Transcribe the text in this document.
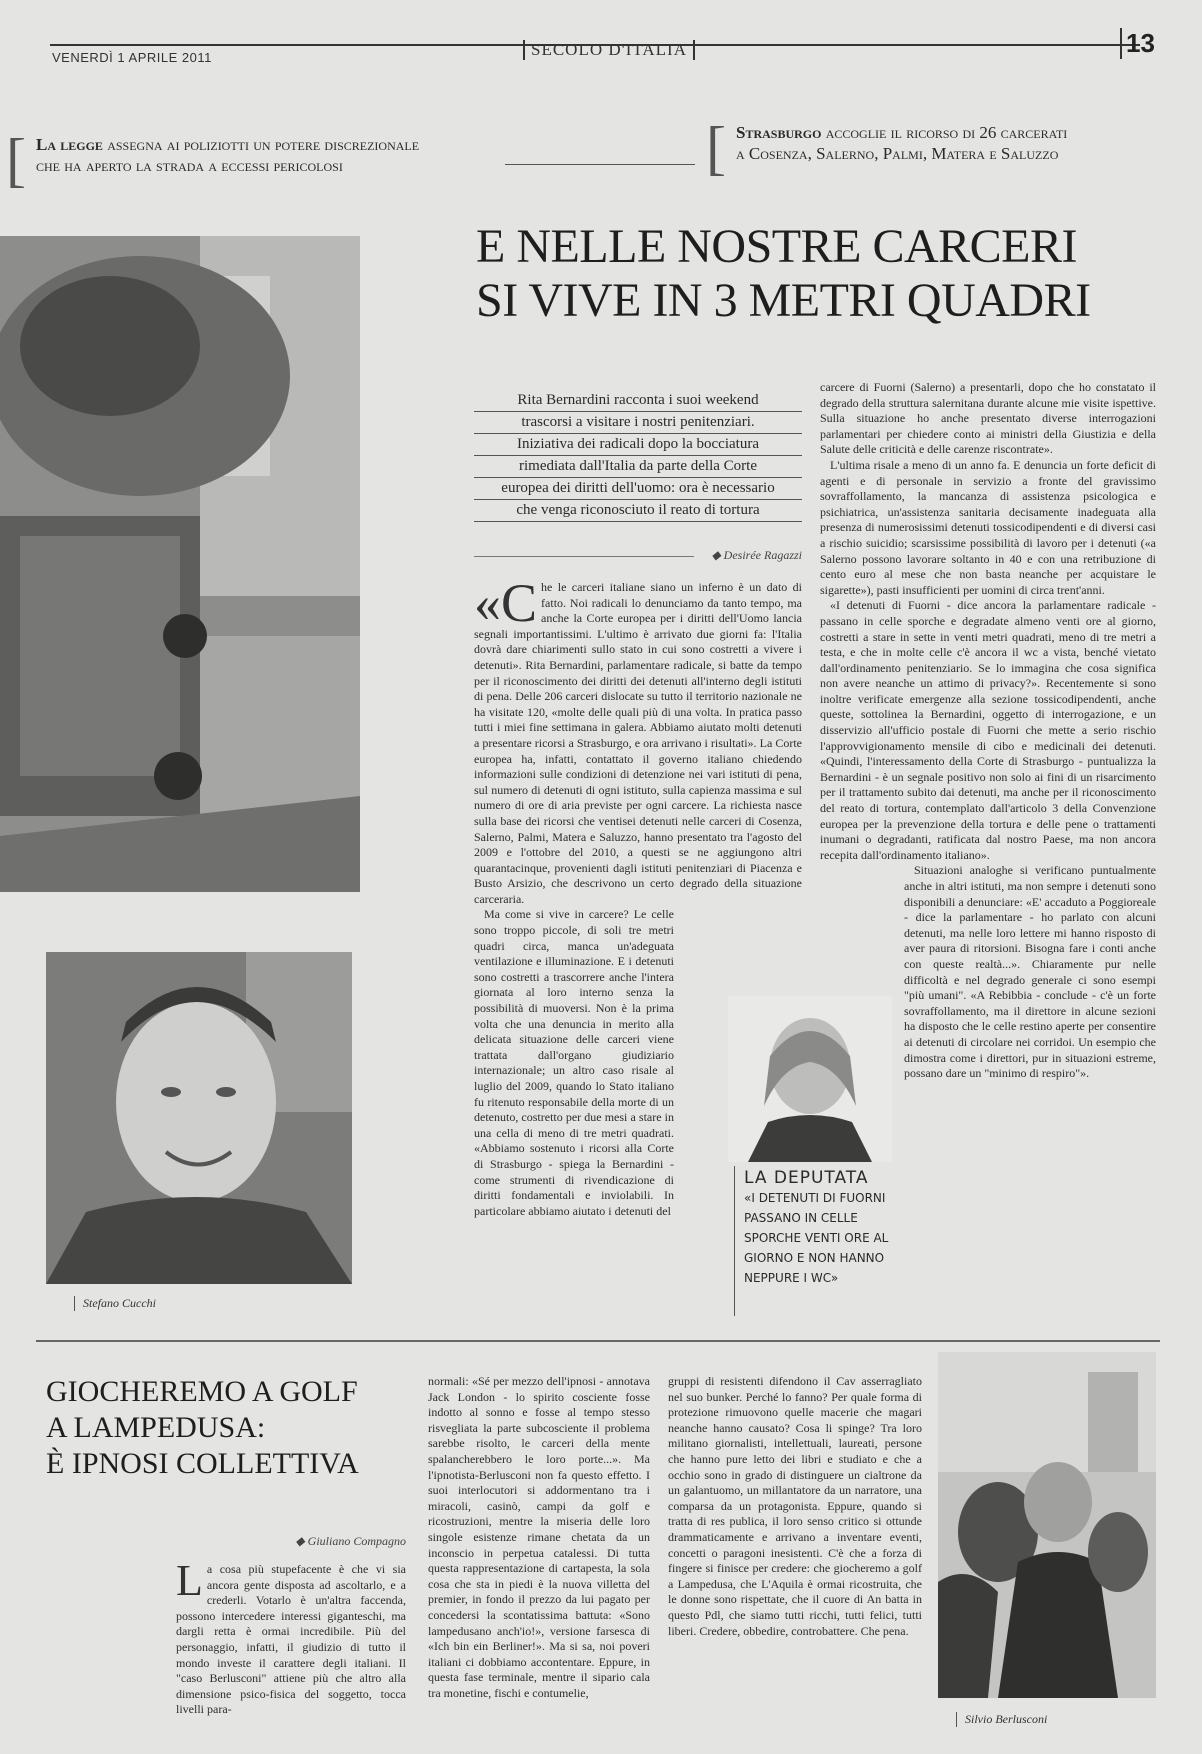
VENERDÌ 1 APRILE 2011	SECOLO D'ITALIA	13
[ La legge assegna ai poliziotti un potere discrezionale
che ha aperto la strada a eccessi pericolosi	[ Strasburgo accoglie il ricorso di 26 carcerati
a Cosenza, Salerno, Palmi, Matera e Saluzzo
Stefano Cucchi
E NELLE NOSTRE CARCERI
SI VIVE IN 3 METRI QUADRI
Rita Bernardini racconta i suoi weekend
trascorsi a visitare i nostri penitenziari.
Iniziativa dei radicali dopo la bocciatura
rimediata dall'Italia da parte della Corte
europea dei diritti dell'uomo: ora è necessario
che venga riconosciuto il reato di tortura
◆ Desirée Ragazzi

«Che le carceri italiane siano un inferno è un dato di fatto. Noi radicali lo denunciamo da tanto tempo, ma anche la Corte europea per i diritti dell'Uomo lancia segnali importantissimi. L'ultimo è arrivato due giorni fa: l'Italia dovrà dare chiarimenti sullo stato in cui sono costretti a vivere i detenuti». Rita Bernardini, parlamentare radicale, si batte da tempo per il riconoscimento dei diritti dei detenuti all'interno degli istituti di pena. Delle 206 carceri dislocate su tutto il territorio nazionale ne ha visitate 120, «molte delle quali più di una volta. In pratica passo tutti i miei fine settimana in galera. Abbiamo aiutato molti detenuti a presentare ricorsi a Strasburgo, e ora arrivano i risultati». La Corte europea ha, infatti, contattato il governo italiano chiedendo informazioni sulle condizioni di detenzione nei vari istituti di pena, sul numero di detenuti di ogni istituto, sulla capienza massima e sul numero di ore di aria previste per ogni carcere. La richiesta nasce sulla base dei ricorsi che ventisei detenuti nelle carceri di Cosenza, Salerno, Palmi, Matera e Saluzzo, hanno presentato tra l'agosto del 2009 e l'ottobre del 2010, a questi se ne aggiungono altri quarantacinque, provenienti dagli istituti penitenziari di Piacenza e Busto Arsizio, che descrivono un certo degrado della situazione carceraria.

Ma come si vive in carcere? Le celle sono troppo piccole, di soli tre metri quadri circa, manca un'adeguata ventilazione e illuminazione. E i detenuti sono costretti a trascorrere anche l'intera giornata al loro interno senza la possibilità di muoversi. Non è la prima volta che una denuncia in merito alla delicata situazione delle carceri viene trattata dall'organo giudiziario internazionale; un altro caso risale al luglio del 2009, quando lo Stato italiano fu ritenuto responsabile della morte di un detenuto, costretto per due mesi a stare in una cella di meno di tre metri quadrati. «Abbiamo sostenuto i ricorsi alla Corte di Strasburgo - spiega la Bernardini - come strumenti di rivendicazione di diritti fondamentali e inviolabili. In particolare abbiamo aiutato i detenuti del

LA DEPUTATA
«I DETENUTI DI FUORNI PASSANO IN CELLE SPORCHE VENTI ORE AL GIORNO E NON HANNO NEPPURE I WC»

carcere di Fuorni (Salerno) a presentarli, dopo che ho constatato il degrado della struttura salernitana durante alcune mie visite ispettive. Sulla situazione ho anche presentato diverse interrogazioni parlamentari per chiedere conto ai ministri della Giustizia e della Salute delle criticità e delle carenze riscontrate».

L'ultima risale a meno di un anno fa. E denuncia un forte deficit di agenti e di personale in servizio a fronte del gravissimo sovraffollamento, la mancanza di assistenza psicologica e psichiatrica, un'assistenza sanitaria decisamente inadeguata alla presenza di numerosissimi detenuti tossicodipendenti e di diversi casi a rischio suicidio; scarsissime possibilità di lavoro per i detenuti («a Salerno possono lavorare soltanto in 40 e con una retribuzione di cento euro al mese che non basta neanche per acquistare le sigarette»), pasti insufficienti per uomini di circa trent'anni.

«I detenuti di Fuorni - dice ancora la parlamentare radicale - passano in celle sporche e degradate almeno venti ore al giorno, costretti a stare in sette in venti metri quadrati, meno di tre metri a testa, e che in molte celle c'è ancora il wc a vista, benché vietato dall'ordinamento penitenziario. Se lo immagina che cosa significa non avere neanche un attimo di privacy?». Recentemente si sono inoltre verificate emergenze alla sezione tossicodipendenti, anche queste, sottolinea la Bernardini, oggetto di interrogazione, e un disservizio all'ufficio postale di Fuorni che mette a serio rischio l'approvvigionamento mensile di cibo e medicinali dei detenuti. «Quindi, l'interessamento della Corte di Strasburgo - puntualizza la Bernardini - è un segnale positivo non solo ai fini di un risarcimento per il trattamento subito dai detenuti, ma anche per il riconoscimento del reato di tortura, contemplato dall'articolo 3 della Convenzione europea per la prevenzione della tortura e delle pene o trattamenti inumani o degradanti, ratificata dal nostro Paese, ma non ancora recepita dall'ordinamento italiano».

Situazioni analoghe si verificano puntualmente anche in altri istituti, ma non sempre i detenuti sono disponibili a denunciare: «E' accaduto a Poggioreale - dice la parlamentare - ho parlato con alcuni detenuti, ma nelle loro lettere mi hanno risposto di aver paura di ritorsioni. Bisogna fare i conti anche con queste realtà...». Chiaramente pur nelle difficoltà e nel degrado generale ci sono esempi "più umani". «A Rebibbia - conclude - c'è un forte sovraffollamento, ma il direttore in alcune sezioni ha disposto che le celle restino aperte per consentire ai detenuti di circolare nei corridoi. Un esempio che dimostra come i direttori, pur in situazioni estreme, possano dare un "minimo di respiro"».

GIOCHEREMO A GOLF
A LAMPEDUSA:
È IPNOSI COLLETTIVA
◆ Giuliano Compagno

La cosa più stupefacente è che vi sia ancora gente disposta ad ascoltarlo, e a crederli. Votarlo è un'altra faccenda, possono intercedere interessi giganteschi, ma dargli retta è ormai incredibile. Più del personaggio, infatti, il giudizio di tutto il mondo investe il carattere degli italiani. Il "caso Berlusconi" attiene più che altro alla dimensione psico-fisica del soggetto, tocca livelli para-

normali: «Sé per mezzo dell'ipnosi - annotava Jack London - lo spirito cosciente fosse indotto al sonno e fosse al tempo stesso risvegliata la parte subcosciente il problema sarebbe risolto, le carceri della mente spalancherebbero le loro porte...». Ma l'ipnotista-Berlusconi non fa questo effetto. I suoi interlocutori si addormentano tra i miracoli, casinò, campi da golf e ricostruzioni, mentre la miseria delle loro singole esistenze rimane chetata da un inconscio in perpetua catalessi. Di tutta questa rappresentazione di cartapesta, la sola cosa che sta in piedi è la nuova villetta del premier, in fondo il prezzo da lui pagato per concedersi la scontatissima battuta: «Sono lampedusano anch'io!», versione farsesca di «Ich bin ein Berliner!». Ma si sa, noi poveri italiani ci dobbiamo accontentare. Eppure, in questa fase terminale, mentre il sipario cala tra monetine, fischi e contumelie,

gruppi di resistenti difendono il Cav asserragliato nel suo bunker. Perché lo fanno? Per quale forma di protezione rimuovono quelle macerie che magari neanche hanno causato? Cosa li spinge? Tra loro militano giornalisti, intellettuali, laureati, persone che hanno pure letto dei libri e studiato e che a occhio sono in grado di distinguere un cialtrone da un galantuomo, un millantatore da un narratore, una comparsa da un protagonista. Eppure, quando si tratta di res publica, il loro senso critico si ottunde drammaticamente e arrivano a inventare eventi, concetti o paragoni inesistenti. C'è che a forza di fingere si finisce per credere: che giocheremo a golf a Lampedusa, che L'Aquila è ormai ricostruita, che le donne sono rispettate, che il cuore di An batta in questo Pdl, che siamo tutti ricchi, tutti felici, tutti liberi. Credere, obbedire, controbattere. Che pena.

Silvio Berlusconi
